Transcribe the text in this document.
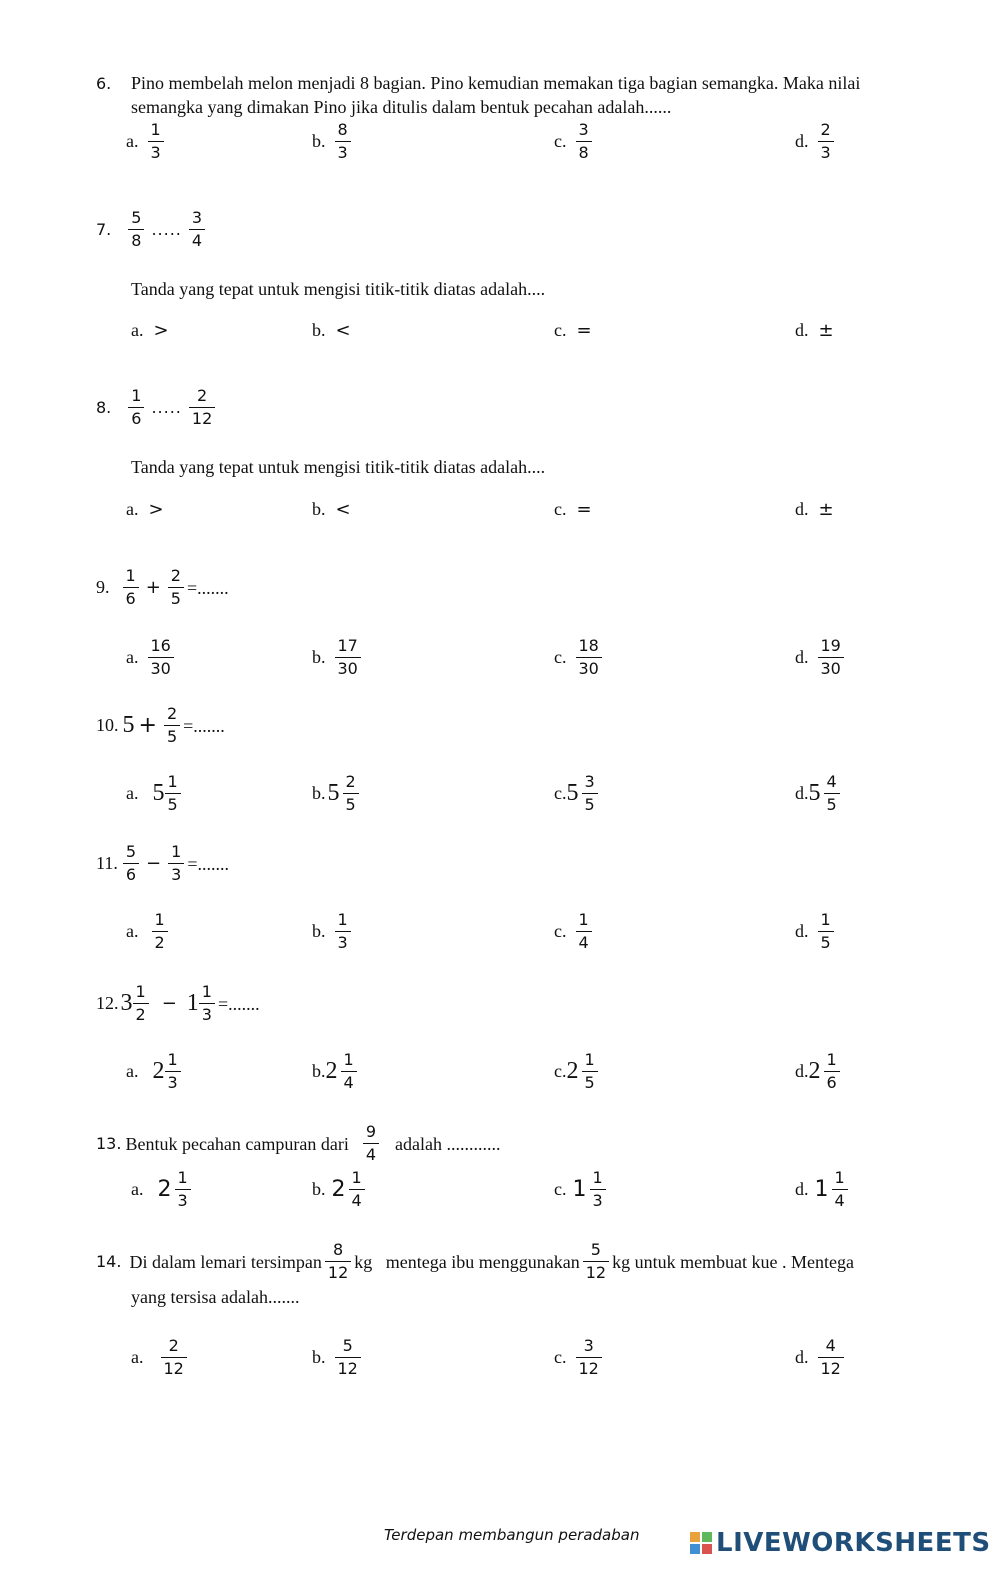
6. Pino membelah melon menjadi 8 bagian. Pino kemudian memakan tiga bagian semangka. Maka nilai
semangka yang dimakan Pino jika ditulis dalam bentuk pecahan adalah......
a. $\frac{1}{3}$	b. $\frac{8}{3}$	c. $\frac{3}{8}$	d. $\frac{2}{3}$
7. $\frac{5}{8}$ ..... $\frac{3}{4}$
Tanda yang tepat untuk mengisi titik-titik diatas adalah....
a. >	b. <	c. =	d. ±
8. $\frac{1}{6}$ ..... $\frac{2}{12}$
Tanda yang tepat untuk mengisi titik-titik diatas adalah....
a. >	b. <	c. =	d. ±
9. $\frac{1}{6} + \frac{2}{5}$ =.......
a. $\frac{16}{30}$	b. $\frac{17}{30}$	c. $\frac{18}{30}$	d. $\frac{19}{30}$
10. $5 + \frac{2}{5}$ =.......
a. $5 \frac{1}{5}$	b. $5 \frac{2}{5}$	c. $5 \frac{3}{5}$	d. $5 \frac{4}{5}$
11. $\frac{5}{6} - \frac{1}{3}$ =.......
a. $\frac{1}{2}$	b. $\frac{1}{3}$	c. $\frac{1}{4}$	d. $\frac{1}{5}$
12. $3 \frac{1}{2} - 1 \frac{1}{3}$ =.......
a. $2 \frac{1}{3}$	b. $2 \frac{1}{4}$	c. $2 \frac{1}{5}$	d. $2 \frac{1}{6}$
13. Bentuk pecahan campuran dari $\frac{9}{4}$ adalah ............
a. $2 \frac{1}{3}$	b. $2 \frac{1}{4}$	c. $1 \frac{1}{3}$	d. $1 \frac{1}{4}$
14. Di dalam lemari tersimpan $\frac{8}{12}$ kg   mentega ibu menggunakan $\frac{5}{12}$ kg untuk membuat kue . Mentega
yang tersisa adalah.......
a. $\frac{2}{12}$	b. $\frac{5}{12}$	c. $\frac{3}{12}$	d. $\frac{4}{12}$
Terdepan membangun peradaban	LIVEWORKSHEETS
